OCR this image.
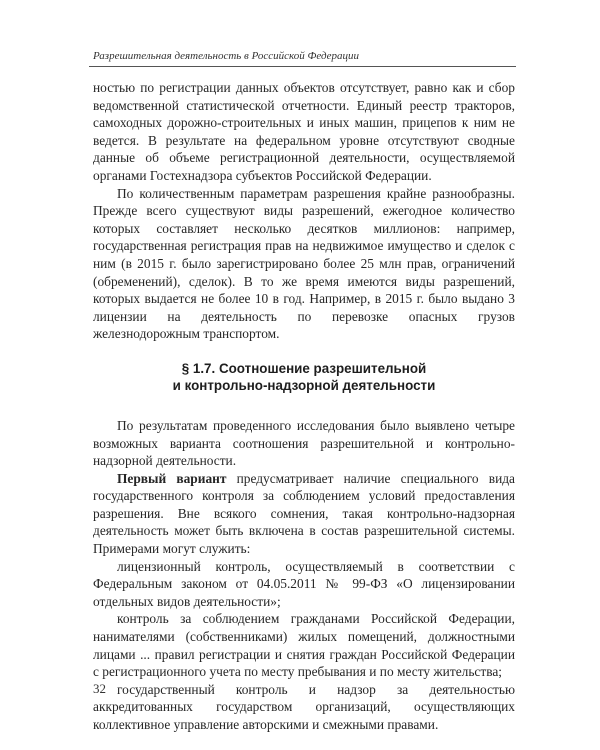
Разрешительная деятельность в Российской Федерации

ностью по регистрации данных объектов отсутствует, равно как и сбор ведомственной статистической отчетности. Единый реестр тракторов, самоходных дорожно-строительных и иных машин, прицепов к ним не ведется. В результате на федеральном уровне отсутствуют сводные данные об объеме регистрационной деятельности, осуществляемой органами Гостехнадзора субъектов Российской Федерации.

По количественным параметрам разрешения крайне разнообразны. Прежде всего существуют виды разрешений, ежегодное количество которых составляет несколько десятков миллионов: например, государственная регистрация прав на недвижимое имущество и сделок с ним (в 2015 г. было зарегистрировано более 25 млн прав, ограничений (обременений), сделок). В то же время имеются виды разрешений, которых выдается не более 10 в год. Например, в 2015 г. было выдано 3 лицензии на деятельность по перевозке опасных грузов железнодорожным транспортом.

§ 1.7. Соотношение разрешительной
и контрольно-надзорной деятельности

По результатам проведенного исследования было выявлено четыре возможных варианта соотношения разрешительной и контрольно-надзорной деятельности.

Первый вариант предусматривает наличие специального вида государственного контроля за соблюдением условий предоставления разрешения. Вне всякого сомнения, такая контрольно-надзорная деятельность может быть включена в состав разрешительной системы. Примерами могут служить:

лицензионный контроль, осуществляемый в соответствии с Федеральным законом от 04.05.2011 № 99-ФЗ «О лицензировании отдельных видов деятельности»;

контроль за соблюдением гражданами Российской Федерации, нанимателями (собственниками) жилых помещений, должностными лицами ... правил регистрации и снятия граждан Российской Федерации с регистрационного учета по месту пребывания и по месту жительства;

государственный контроль и надзор за деятельностью аккредитованных государством организаций, осуществляющих коллективное управление авторскими и смежными правами.

32
